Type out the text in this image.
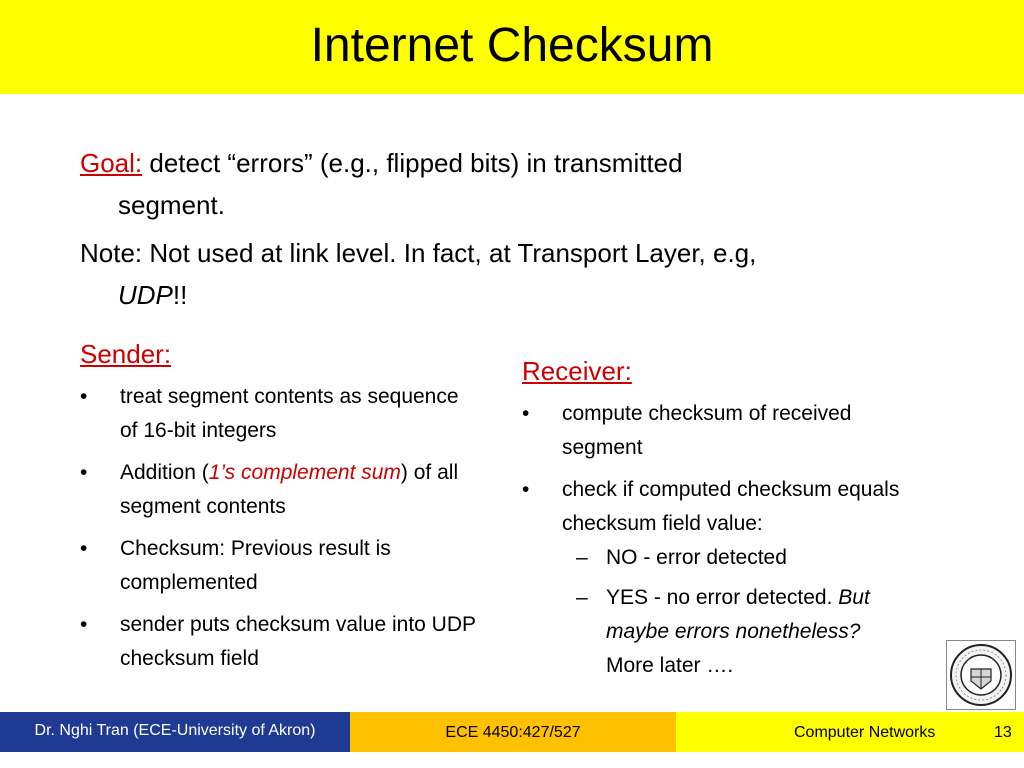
Internet Checksum
Goal: detect “errors” (e.g., flipped bits) in transmitted
segment.
Note: Not used at link level. In fact, at Transport Layer, e.g,
UDP!!
Sender:
• treat segment contents as sequence of 16-bit integers
• Addition (1’s complement sum) of all segment contents
• Checksum: Previous result is complemented
• sender puts checksum value into UDP checksum field
Receiver:
• compute checksum of received segment
• check if computed checksum equals checksum field value:
– NO - error detected
– YES - no error detected. But maybe errors nonetheless?
More later ….
Dr. Nghi Tran (ECE-University of Akron)	ECE 4450:427/527	Computer Networks	13
